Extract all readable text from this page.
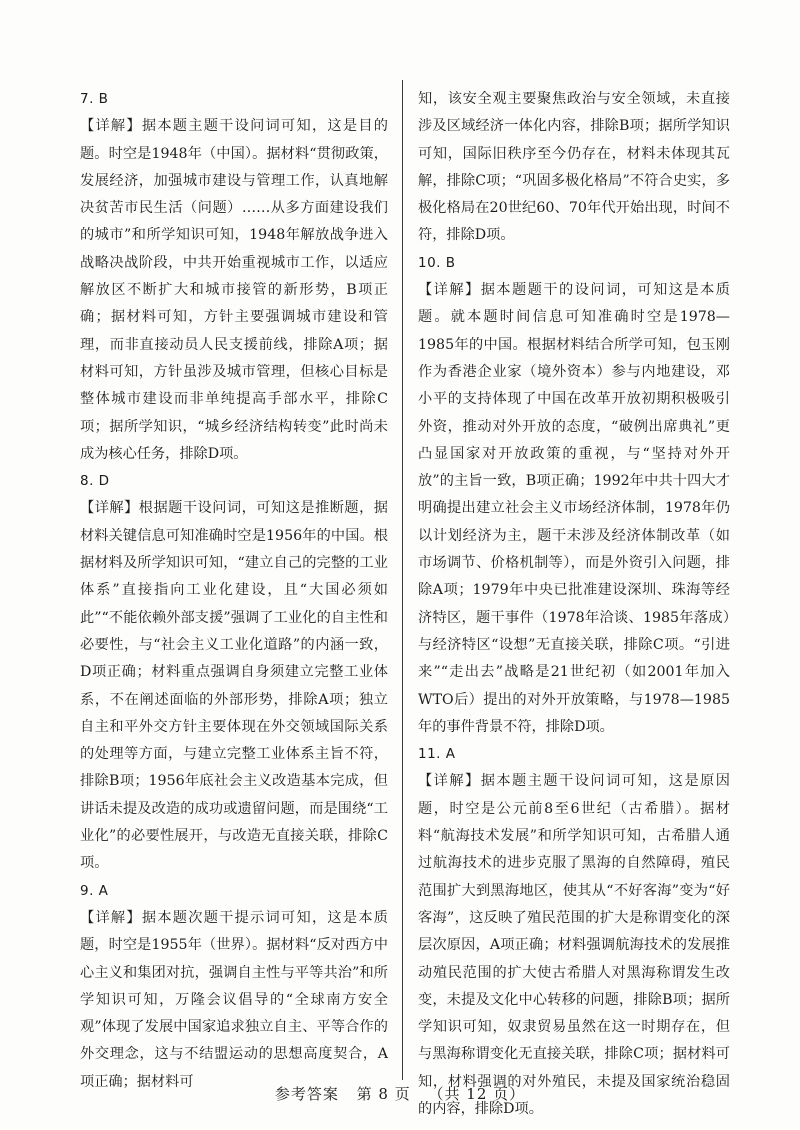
7. B

【详解】据本题主题干设问词可知，这是目的题。时空是1948年（中国）。据材料“贯彻政策，发展经济，加强城市建设与管理工作，认真地解决贫苦市民生活（问题）……从多方面建设我们的城市”和所学知识可知，1948年解放战争进入战略决战阶段，中共开始重视城市工作，以适应解放区不断扩大和城市接管的新形势，B项正确；据材料可知，方针主要强调城市建设和管理，而非直接动员人民支援前线，排除A项；据材料可知，方针虽涉及城市管理，但核心目标是整体城市建设而非单纯提高手部水平，排除C项；据所学知识，“城乡经济结构转变”此时尚未成为核心任务，排除D项。

8. D

【详解】根据题干设问词，可知这是推断题，据材料关键信息可知准确时空是1956年的中国。根据材料及所学知识可知，“建立自己的完整的工业体系”直接指向工业化建设，且“大国必须如此”“不能依赖外部支援”强调了工业化的自主性和必要性，与“社会主义工业化道路”的内涵一致，D项正确；材料重点强调自身须建立完整工业体系，不在阐述面临的外部形势，排除A项；独立自主和平外交方针主要体现在外交领域国际关系的处理等方面，与建立完整工业体系主旨不符，排除B项；1956年底社会主义改造基本完成，但讲话未提及改造的成功或遗留问题，而是围绕“工业化”的必要性展开，与改造无直接关联，排除C项。

9. A

【详解】据本题次题干提示词可知，这是本质题，时空是1955年（世界）。据材料“反对西方中心主义和集团对抗，强调自主性与平等共治”和所学知识可知，万隆会议倡导的“全球南方安全观”体现了发展中国家追求独立自主、平等合作的外交理念，这与不结盟运动的思想高度契合，A项正确；据材料可

知，该安全观主要聚焦政治与安全领域，未直接涉及区域经济一体化内容，排除B项；据所学知识可知，国际旧秩序至今仍存在，材料未体现其瓦解，排除C项；“巩固多极化格局”不符合史实，多极化格局在20世纪60、70年代开始出现，时间不符，排除D项。

10. B

【详解】据本题题干的设问词，可知这是本质题。就本题时间信息可知准确时空是1978—1985年的中国。根据材料结合所学可知，包玉刚作为香港企业家（境外资本）参与内地建设，邓小平的支持体现了中国在改革开放初期积极吸引外资，推动对外开放的态度，“破例出席典礼”更凸显国家对开放政策的重视，与“坚持对外开放”的主旨一致，B项正确；1992年中共十四大才明确提出建立社会主义市场经济体制，1978年仍以计划经济为主，题干未涉及经济体制改革（如市场调节、价格机制等），而是外资引入问题，排除A项；1979年中央已批准建设深圳、珠海等经济特区，题干事件（1978年洽谈、1985年落成）与经济特区“设想”无直接关联，排除C项。“引进来”“走出去”战略是21世纪初（如2001年加入WTO后）提出的对外开放策略，与1978—1985年的事件背景不符，排除D项。

11. A

【详解】据本题主题干设问词可知，这是原因题，时空是公元前8至6世纪（古希腊）。据材料“航海技术发展”和所学知识可知，古希腊人通过航海技术的进步克服了黑海的自然障碍，殖民范围扩大到黑海地区，使其从“不好客海”变为“好客海”，这反映了殖民范围的扩大是称谓变化的深层次原因，A项正确；材料强调航海技术的发展推动殖民范围的扩大使古希腊人对黑海称谓发生改变，未提及文化中心转移的问题，排除B项；据所学知识可知，奴隶贸易虽然在这一时期存在，但与黑海称谓变化无直接关联，排除C项；据材料可知，材料强调的对外殖民，未提及国家统治稳固的内容，排除D项。

参考答案 第 8 页 （共 12 页）
